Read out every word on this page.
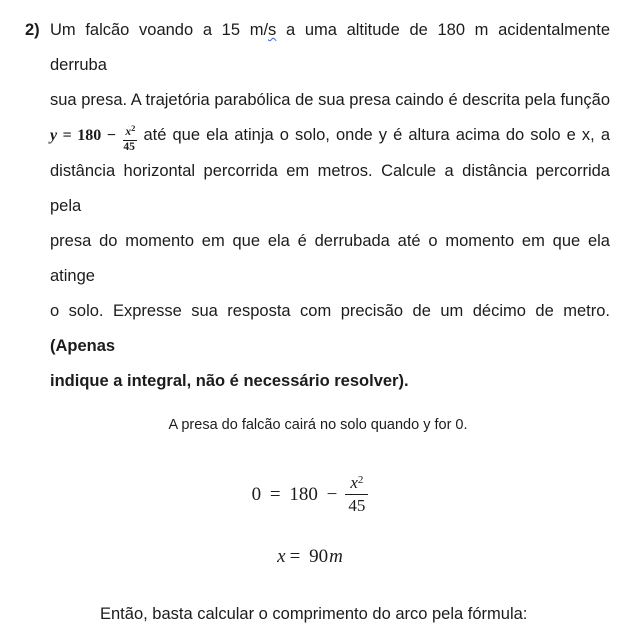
2) Um falcão voando a 15 m/s a uma altitude de 180 m acidentalmente derruba
sua presa. A trajetória parabólica de sua presa caindo é descrita pela função
$y = 180 - \frac{x^2}{45}$ até que ela atinja o solo, onde y é altura acima do solo e x, a
distância horizontal percorrida em metros. Calcule a distância percorrida pela
presa do momento em que ela é derrubada até o momento em que ela atinge
o solo. Expresse sua resposta com precisão de um décimo de metro. (Apenas
indique a integral, não é necessário resolver).
A presa do falcão cairá no solo quando y for 0.
$0 = 180 - \frac{x^2}{45}$
x = 90 m
Então, basta calcular o comprimento do arco pela fórmula:
